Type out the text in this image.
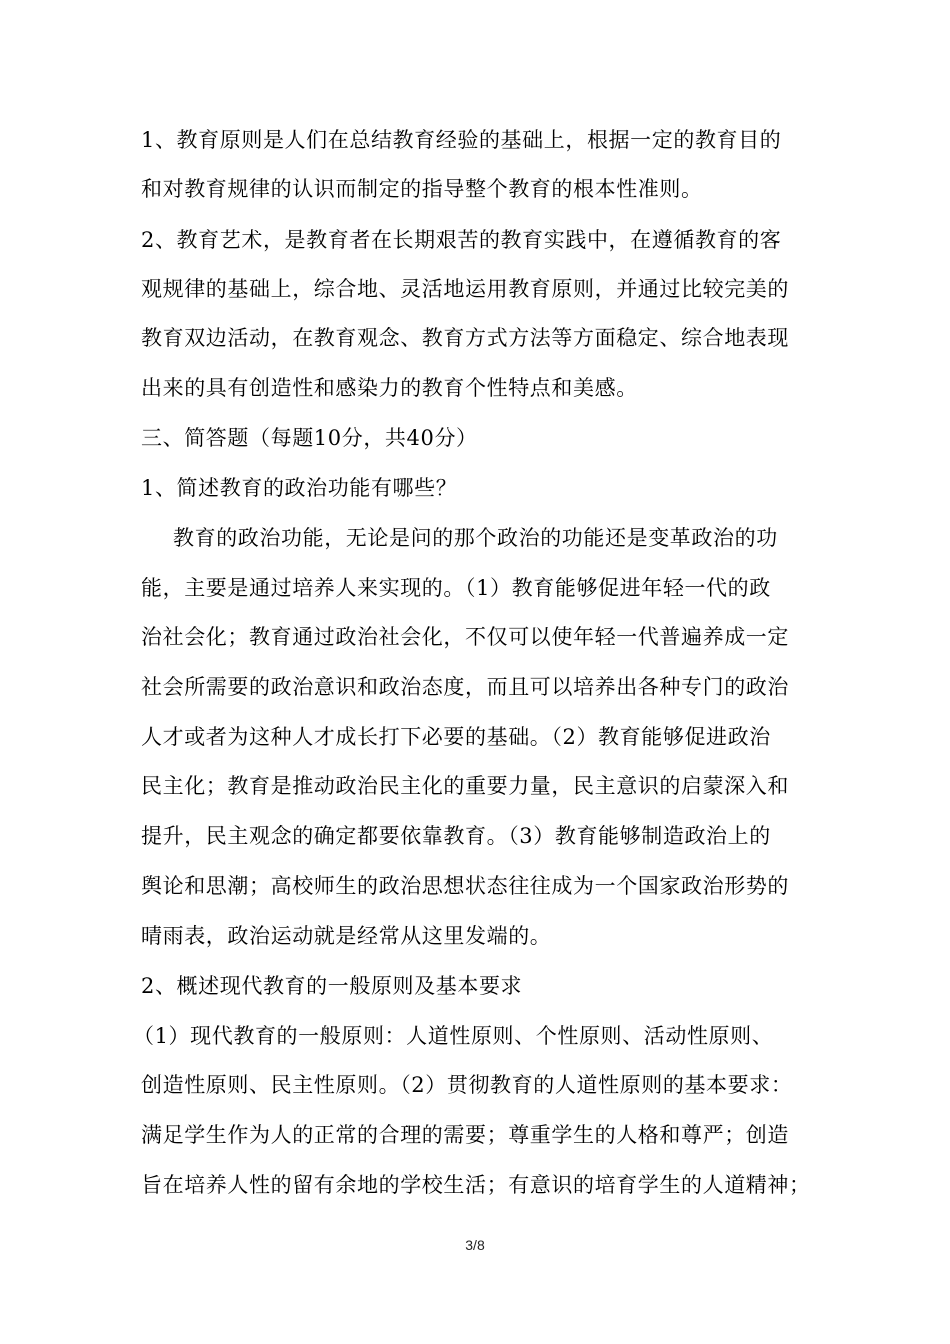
1、教育原则是人们在总结教育经验的基础上，根据一定的教育目的
和对教育规律的认识而制定的指导整个教育的根本性准则。
2、教育艺术，是教育者在长期艰苦的教育实践中，在遵循教育的客
观规律的基础上，综合地、灵活地运用教育原则，并通过比较完美的
教育双边活动，在教育观念、教育方式方法等方面稳定、综合地表现
出来的具有创造性和感染力的教育个性特点和美感。
三、简答题（每题10分，共40分）
1、简述教育的政治功能有哪些？
教育的政治功能，无论是问的那个政治的功能还是变革政治的功
能，主要是通过培养人来实现的。（1）教育能够促进年轻一代的政
治社会化；教育通过政治社会化，不仅可以使年轻一代普遍养成一定
社会所需要的政治意识和政治态度，而且可以培养出各种专门的政治
人才或者为这种人才成长打下必要的基础。（2）教育能够促进政治
民主化；教育是推动政治民主化的重要力量，民主意识的启蒙深入和
提升，民主观念的确定都要依靠教育。（3）教育能够制造政治上的
舆论和思潮；高校师生的政治思想状态往往成为一个国家政治形势的
晴雨表，政治运动就是经常从这里发端的。
2、概述现代教育的一般原则及基本要求
（1）现代教育的一般原则：人道性原则、个性原则、活动性原则、
创造性原则、民主性原则。（2）贯彻教育的人道性原则的基本要求：
满足学生作为人的正常的合理的需要；尊重学生的人格和尊严；创造
旨在培养人性的留有余地的学校生活；有意识的培育学生的人道精神；
3/8
